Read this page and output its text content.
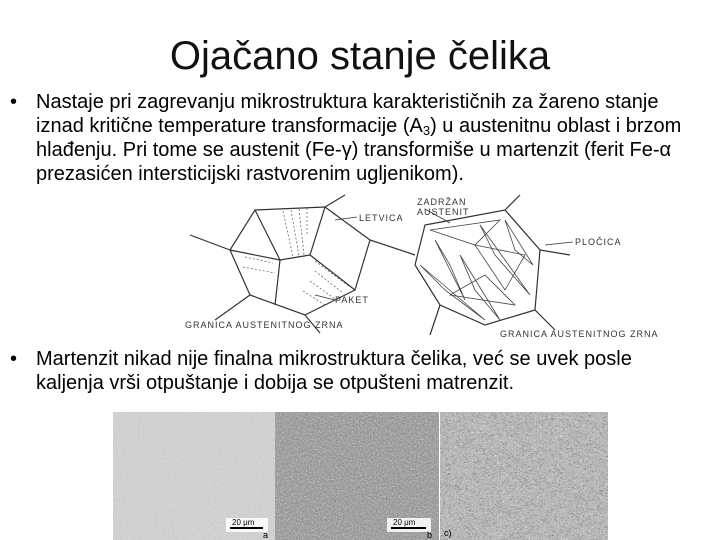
Ojačano stanje čelika
• Nastaje pri zagrevanju mikrostruktura karakterističnih za žareno stanje iznad kritične temperature transformacije $(A_3)$ u austenitnu oblast i brzom hlađenju. Pri tome se austenit (Fe-γ) transformiše u martenzit (ferit Fe-α prezasićen intersticijski rastvorenim ugljenikom).
LETVICA
PAKET
GRANICA AUSTENITNOG ZRNA
ZADRŽAN
AUSTENIT
PLOČICA
GRANICA AUSTENITNOG ZRNA
• Martenzit nikad nije finalna mikrostruktura čelika, već se uvek posle kaljenja vrši otpuštanje i dobija se otpušteni matrenzit.
20 μm
a
20 μm
b c)
